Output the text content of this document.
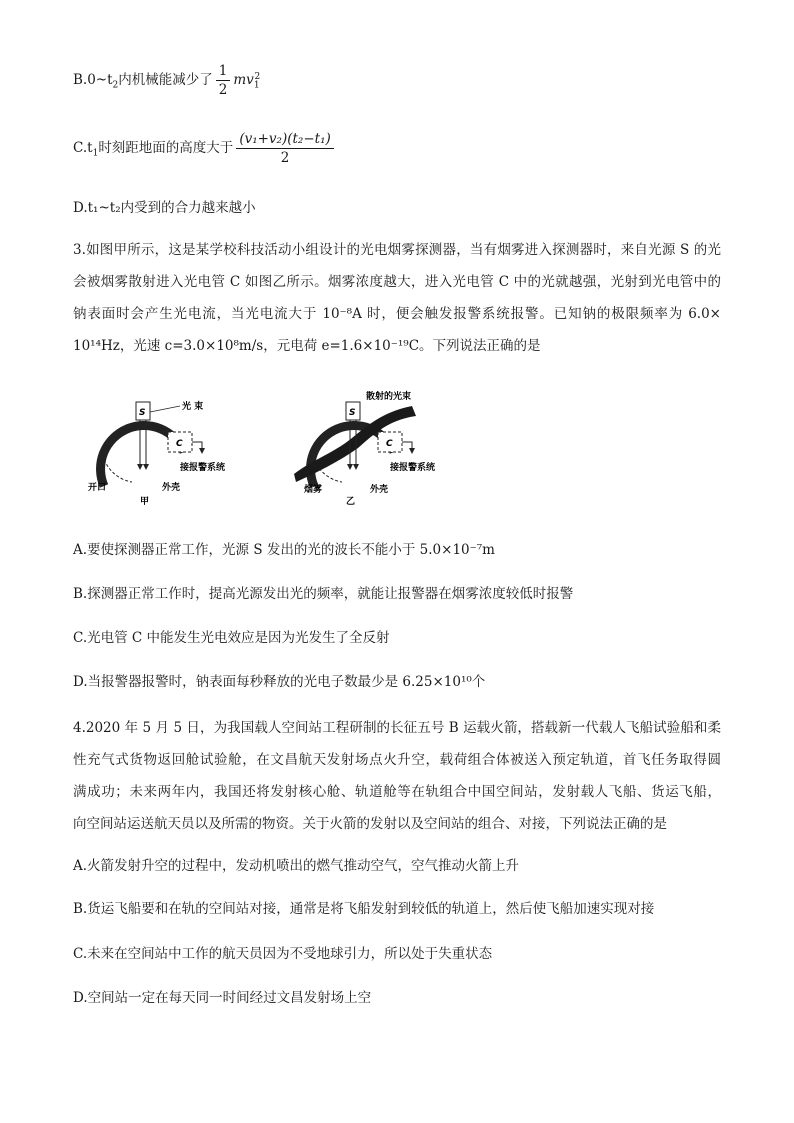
$B.0\sim t_2$内机械能减少了 $\frac{1}{2} mv_1^2$
$C.t_1$时刻距地面的高度大于 $\frac{\text{(v₁+v₂)(t₂−t₁)}}{2}$
D.t₁~t₂内受到的合力越来越小
3.如图甲所示，这是某学校科技活动小组设计的光电烟雾探测器，当有烟雾进入探测器时，来自光源 S 的光
会被烟雾散射进入光电管 C 如图乙所示。烟雾浓度越大，进入光电管 C 中的光就越强，光射到光电管中的
钠表面时会产生光电流，当光电流大于 10⁻⁸A 时，便会触发报警系统报警。已知钠的极限频率为 6.0×
10¹⁴Hz，光速 c=3.0×10⁸m/s，元电荷 e=1.6×10⁻¹⁹C。下列说法正确的是
S
光 束
C
接报警系统
开口	外壳
甲
S
散射的光束
C
接报警系统
烟雾	外壳
乙
A.要使探测器正常工作，光源 S 发出的光的波长不能小于 5.0×10⁻⁷m
B.探测器正常工作时，提高光源发出光的频率，就能让报警器在烟雾浓度较低时报警
C.光电管 C 中能发生光电效应是因为光发生了全反射
D.当报警器报警时，钠表面每秒释放的光电子数最少是 6.25×10¹⁰个
4.2020 年 5 月 5 日，为我国载人空间站工程研制的长征五号 B 运载火箭，搭载新一代载人飞船试验船和柔
性充气式货物返回舱试验舱，在文昌航天发射场点火升空，载荷组合体被送入预定轨道，首飞任务取得圆
满成功；未来两年内，我国还将发射核心舱、轨道舱等在轨组合中国空间站，发射载人飞船、货运飞船，
向空间站运送航天员以及所需的物资。关于火箭的发射以及空间站的组合、对接，下列说法正确的是
A.火箭发射升空的过程中，发动机喷出的燃气推动空气，空气推动火箭上升
B.货运飞船要和在轨的空间站对接，通常是将飞船发射到较低的轨道上，然后使飞船加速实现对接
C.未来在空间站中工作的航天员因为不受地球引力，所以处于失重状态
D.空间站一定在每天同一时间经过文昌发射场上空
